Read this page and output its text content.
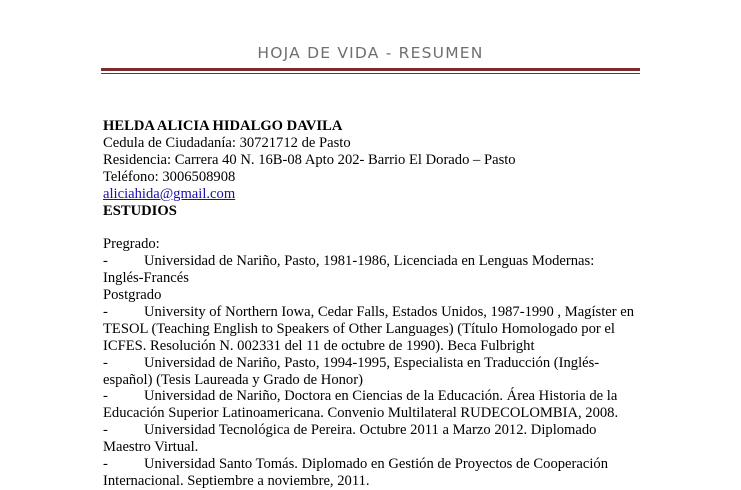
HOJA DE VIDA - RESUMEN
HELDA ALICIA HIDALGO DAVILA
Cedula de Ciudadanía: 30721712 de Pasto
Residencia: Carrera 40 N. 16B-08 Apto 202- Barrio El Dorado – Pasto
Teléfono: 3006508908
aliciahida@gmail.com
ESTUDIOS
Pregrado:
- Universidad de Nariño, Pasto, 1981-1986, Licenciada en Lenguas Modernas:
Inglés-Francés
Postgrado
- University of Northern Iowa, Cedar Falls, Estados Unidos, 1987-1990 , Magíster en
TESOL (Teaching English to Speakers of Other Languages) (Título Homologado por el
ICFES. Resolución N. 002331 del 11 de octubre de 1990). Beca Fulbright
- Universidad de Nariño, Pasto, 1994-1995, Especialista en Traducción (Inglés-
español) (Tesis Laureada y Grado de Honor)
- Universidad de Nariño, Doctora en Ciencias de la Educación. Área Historia de la
Educación Superior Latinoamericana. Convenio Multilateral RUDECOLOMBIA, 2008.
- Universidad Tecnológica de Pereira. Octubre 2011 a Marzo 2012. Diplomado
Maestro Virtual.
- Universidad Santo Tomás. Diplomado en Gestión de Proyectos de Cooperación
Internacional. Septiembre a noviembre, 2011.
